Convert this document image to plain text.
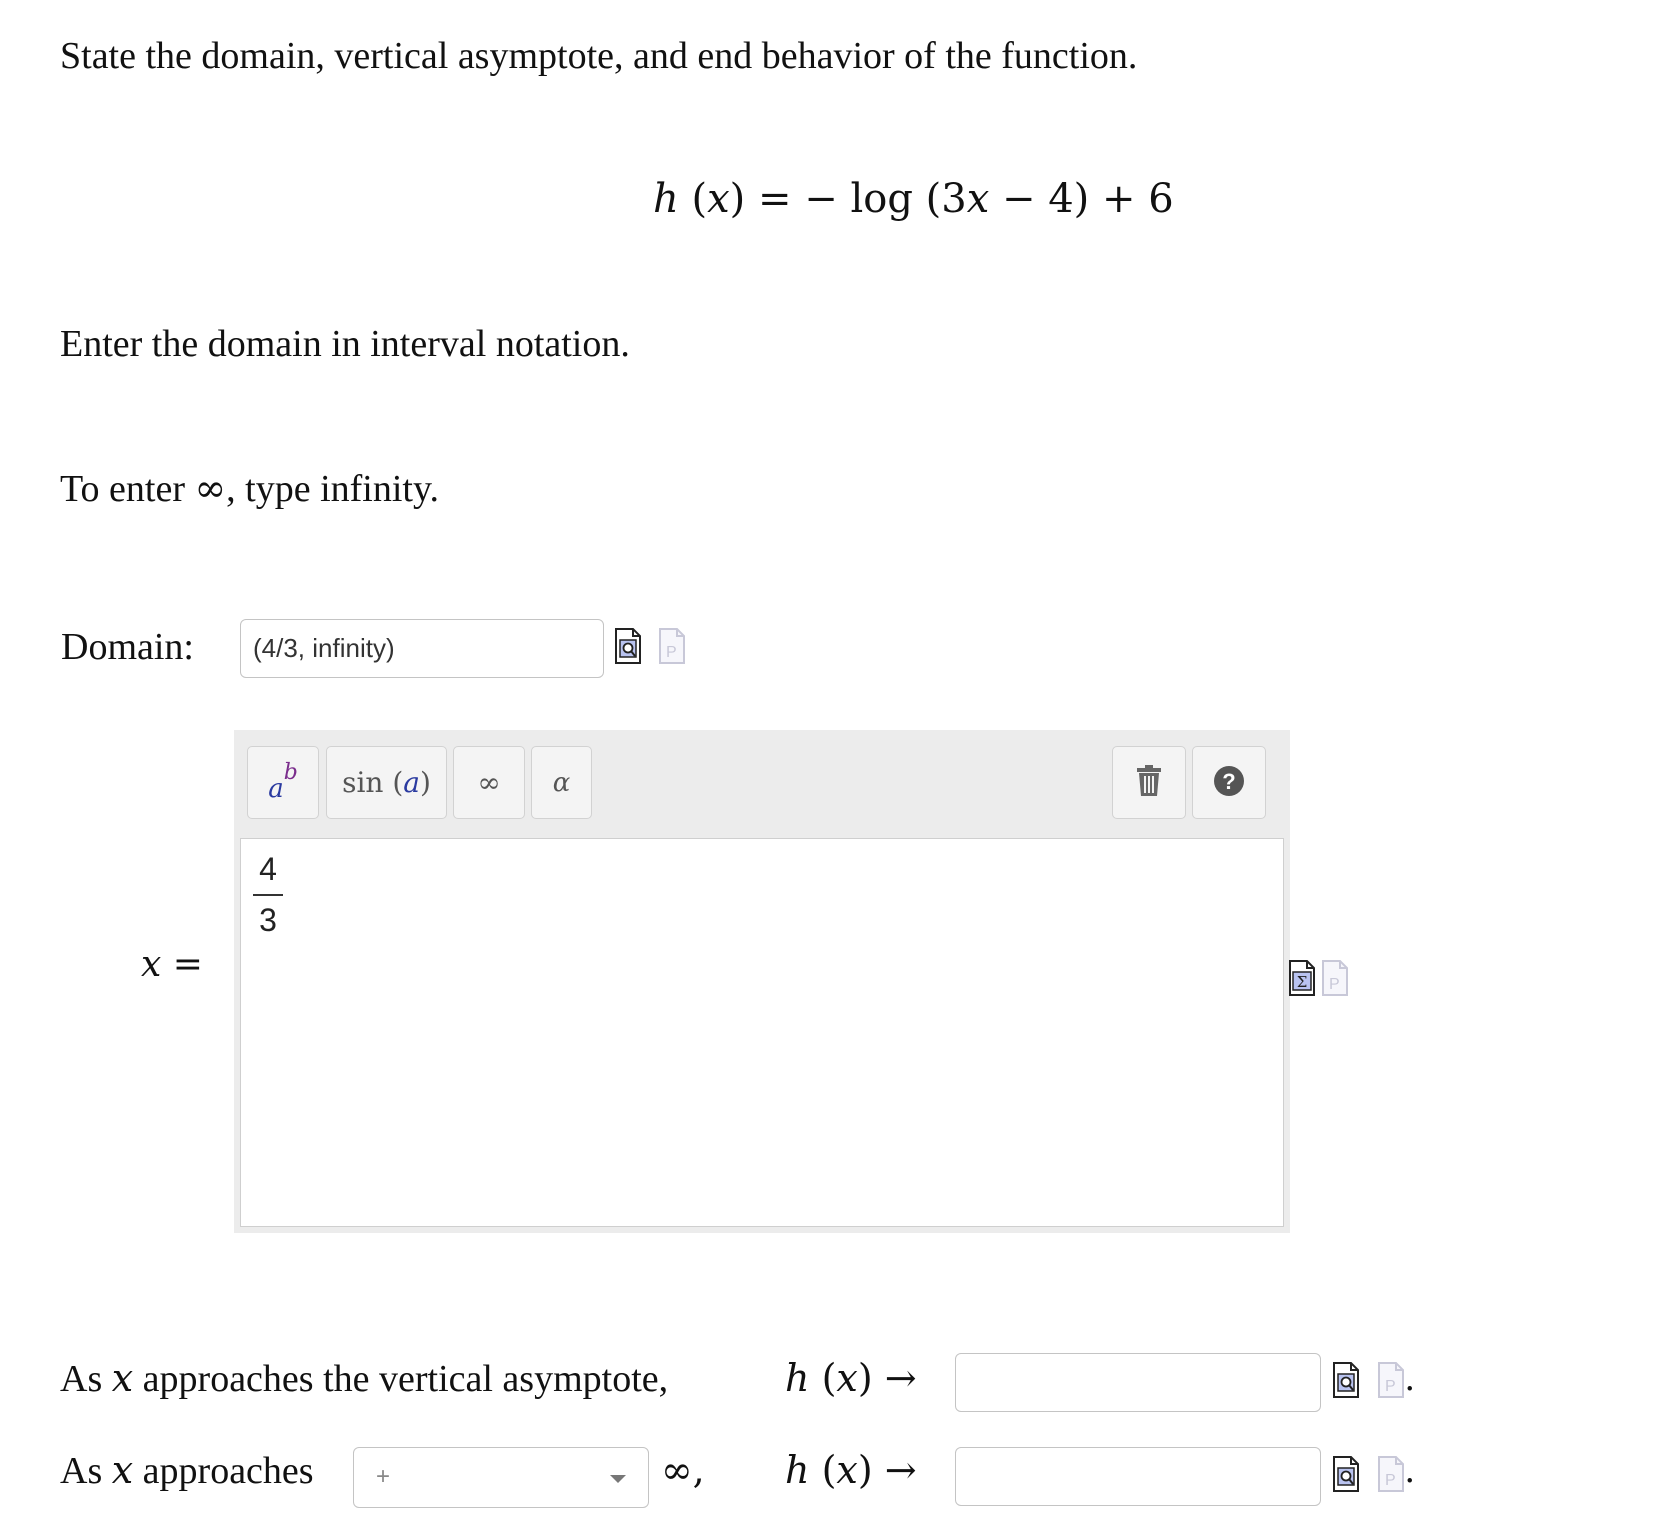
State the domain, vertical asymptote, and end behavior of the function.
h (x) = − log (3x − 4) + 6
Enter the domain in interval notation.
To enter ∞, type infinity.
Domain:
(4/3, infinity)	P
x =
a
b sin ( a )	∞ α	?
4
3
Σ P
As x approaches the vertical asymptote,	h (x) →	P .
As x approaches	+	∞, h (x) →	P .
